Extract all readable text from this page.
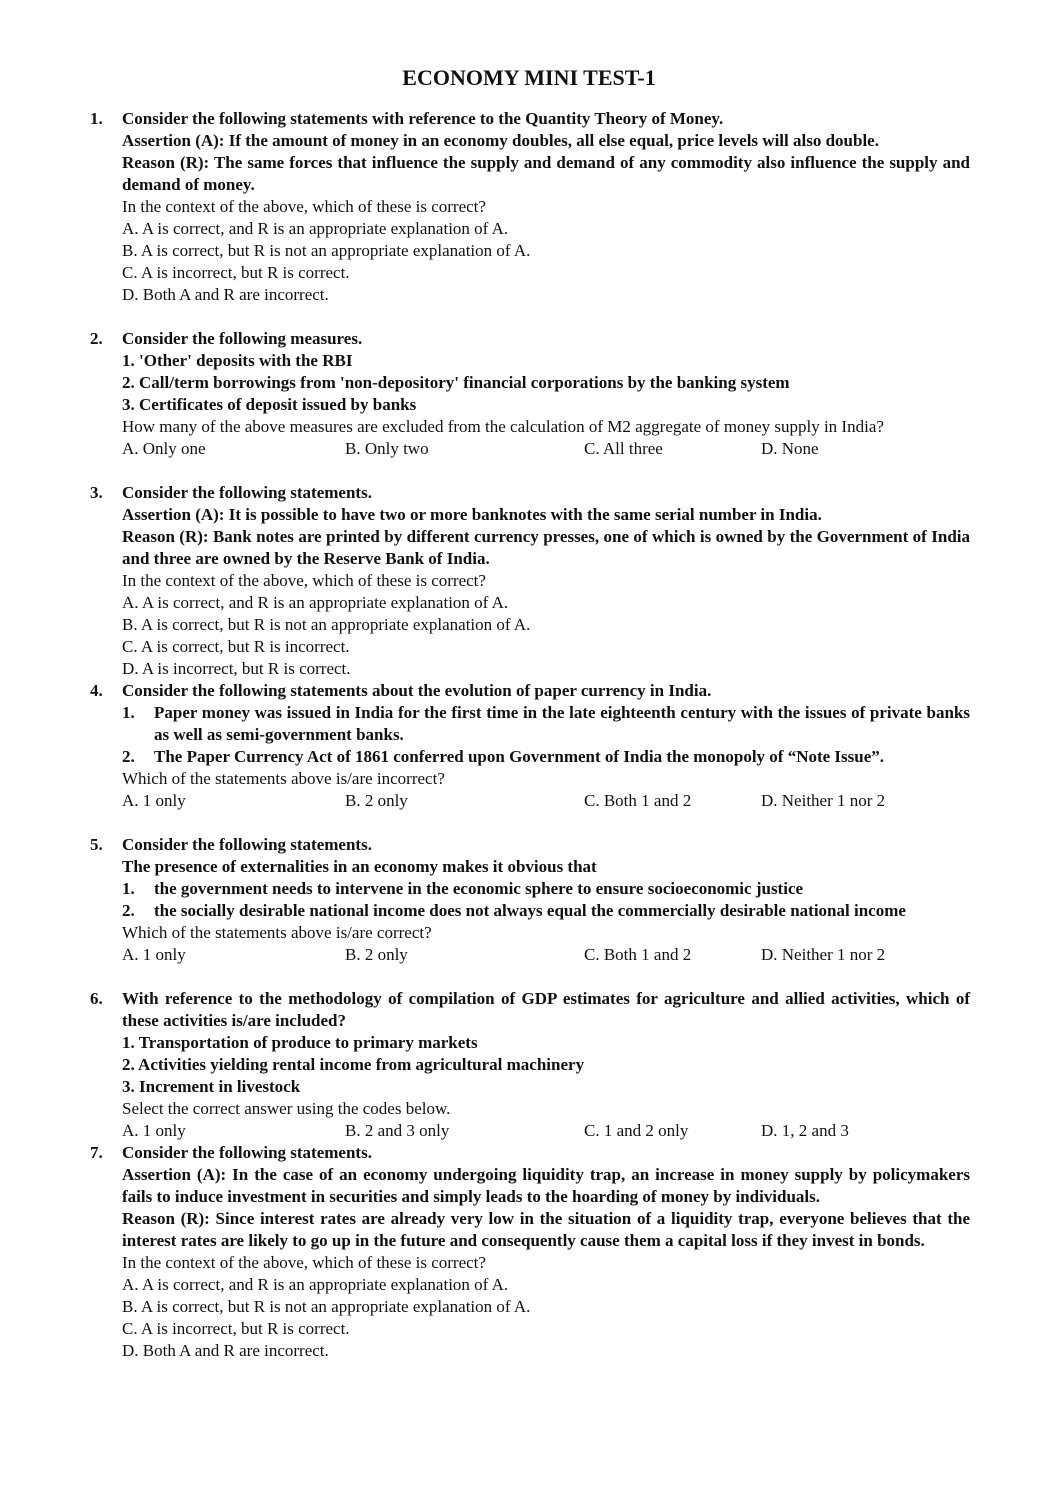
ECONOMY MINI TEST-1
1. Consider the following statements with reference to the Quantity Theory of Money.
Assertion (A): If the amount of money in an economy doubles, all else equal, price levels will also double.
Reason (R): The same forces that influence the supply and demand of any commodity also influence the supply and demand of money.
In the context of the above, which of these is correct?
A. A is correct, and R is an appropriate explanation of A.
B. A is correct, but R is not an appropriate explanation of A.
C. A is incorrect, but R is correct.
D. Both A and R are incorrect.
2. Consider the following measures.
1. 'Other' deposits with the RBI
2. Call/term borrowings from 'non-depository' financial corporations by the banking system
3. Certificates of deposit issued by banks
How many of the above measures are excluded from the calculation of M2 aggregate of money supply in India?
A. Only one	B. Only two	C. All three	D. None
3. Consider the following statements.
Assertion (A): It is possible to have two or more banknotes with the same serial number in India.
Reason (R): Bank notes are printed by different currency presses, one of which is owned by the Government of India and three are owned by the Reserve Bank of India.
In the context of the above, which of these is correct?
A. A is correct, and R is an appropriate explanation of A.
B. A is correct, but R is not an appropriate explanation of A.
C. A is correct, but R is incorrect.
D. A is incorrect, but R is correct.
4. Consider the following statements about the evolution of paper currency in India.
1. Paper money was issued in India for the first time in the late eighteenth century with the issues of private banks as well as semi-government banks.
2. The Paper Currency Act of 1861 conferred upon Government of India the monopoly of “Note Issue”.
Which of the statements above is/are incorrect?
A. 1 only	B. 2 only	C. Both 1 and 2	D. Neither 1 nor 2
5. Consider the following statements.
The presence of externalities in an economy makes it obvious that
1. the government needs to intervene in the economic sphere to ensure socioeconomic justice
2. the socially desirable national income does not always equal the commercially desirable national income
Which of the statements above is/are correct?
A. 1 only	B. 2 only	C. Both 1 and 2	D. Neither 1 nor 2
6. With reference to the methodology of compilation of GDP estimates for agriculture and allied activities, which of these activities is/are included?
1. Transportation of produce to primary markets
2. Activities yielding rental income from agricultural machinery
3. Increment in livestock
Select the correct answer using the codes below.
A. 1 only	B. 2 and 3 only	C. 1 and 2 only	D. 1, 2 and 3
7. Consider the following statements.
Assertion (A): In the case of an economy undergoing liquidity trap, an increase in money supply by policymakers fails to induce investment in securities and simply leads to the hoarding of money by individuals.
Reason (R): Since interest rates are already very low in the situation of a liquidity trap, everyone believes that the interest rates are likely to go up in the future and consequently cause them a capital loss if they invest in bonds.
In the context of the above, which of these is correct?
A. A is correct, and R is an appropriate explanation of A.
B. A is correct, but R is not an appropriate explanation of A.
C. A is incorrect, but R is correct.
D. Both A and R are incorrect.
